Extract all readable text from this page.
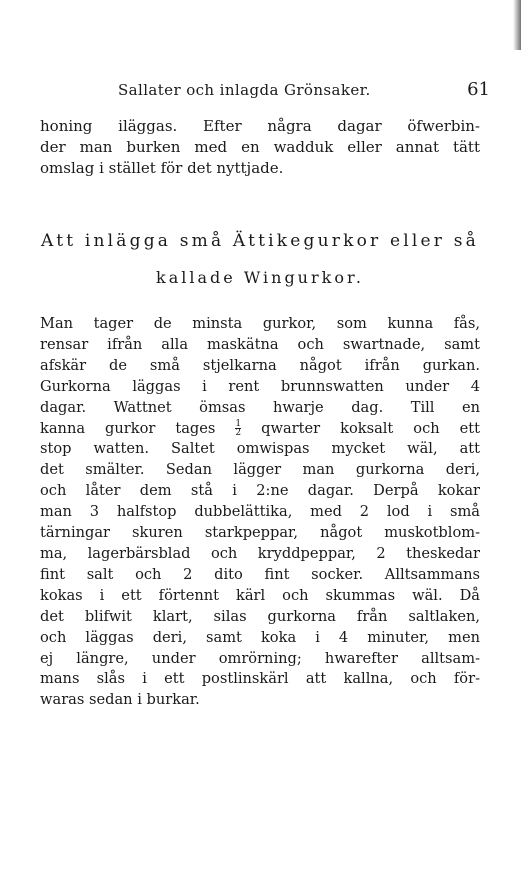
Sallater och inlagda Grönsaker.	61
honing iläggas. Efter några dagar öfwerbin-
der man burken med en wadduk eller annat tätt
omslag i stället för det nyttjade.
Att inlägga små Ättikegurkor eller så
kallade Wingurkor.
Man tager de minsta gurkor, som kunna fås,
rensar ifrån alla maskätna och swartnade, samt
afskär de små stjelkarna något ifrån gurkan.
Gurkorna läggas i rent brunnswatten under 4
dagar. Wattnet ömsas hwarje dag. Till en
kanna gurkor tages $\frac{1}{2}$ qwarter koksalt och ett
stop watten. Saltet omwispas mycket wäl, att
det smälter. Sedan lägger man gurkorna deri,
och låter dem stå i 2:ne dagar. Derpå kokar
man 3 halfstop dubbelättika, med 2 lod i små
tärningar skuren starkpeppar, något muskotblom-
ma, lagerbärsblad och kryddpeppar, 2 theskedar
fint salt och 2 dito fint socker. Alltsammans
kokas i ett förtennt kärl och skummas wäl. Då
det blifwit klart, silas gurkorna från saltlaken,
och läggas deri, samt koka i 4 minuter, men
ej längre, under omrörning; hwarefter alltsam-
mans slås i ett postlinskärl att kallna, och för-
waras sedan i burkar.
